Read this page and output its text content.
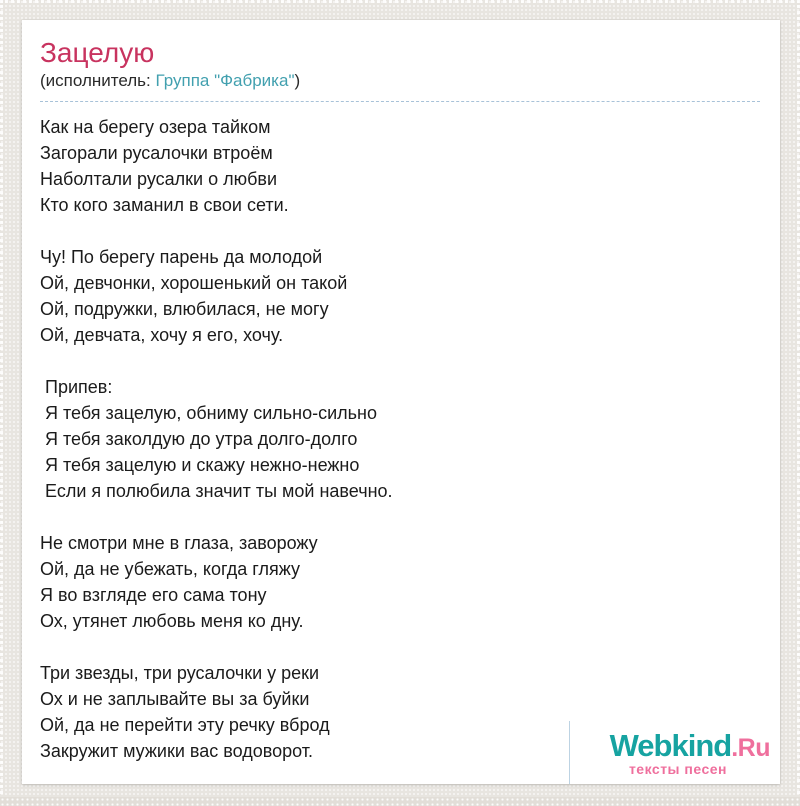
Зацелую

(исполнитель: Группа "Фабрика")

Как на берегу озера тайком
Загорали русалочки втроём
Наболтали русалки о любви
Кто кого заманил в свои сети.
Чу! По берегу парень да молодой
Ой, девчонки, хорошенький он такой
Ой, подружки, влюбилася, не могу
Ой, девчата, хочу я его, хочу.
Припев:
Я тебя зацелую, обниму сильно-сильно
Я тебя заколдую до утра долго-долго
Я тебя зацелую и скажу нежно-нежно
Если я полюбила значит ты мой навечно.
Не смотри мне в глаза, заворожу
Ой, да не убежать, когда гляжу
Я во взгляде его сама тону
Ох, утянет любовь меня ко дну.
Три звезды, три русалочки у реки
Ох и не заплывайте вы за буйки
Ой, да не перейти эту речку вброд
Закружит мужики вас водоворот.	Webkind.Ru
тексты песен
